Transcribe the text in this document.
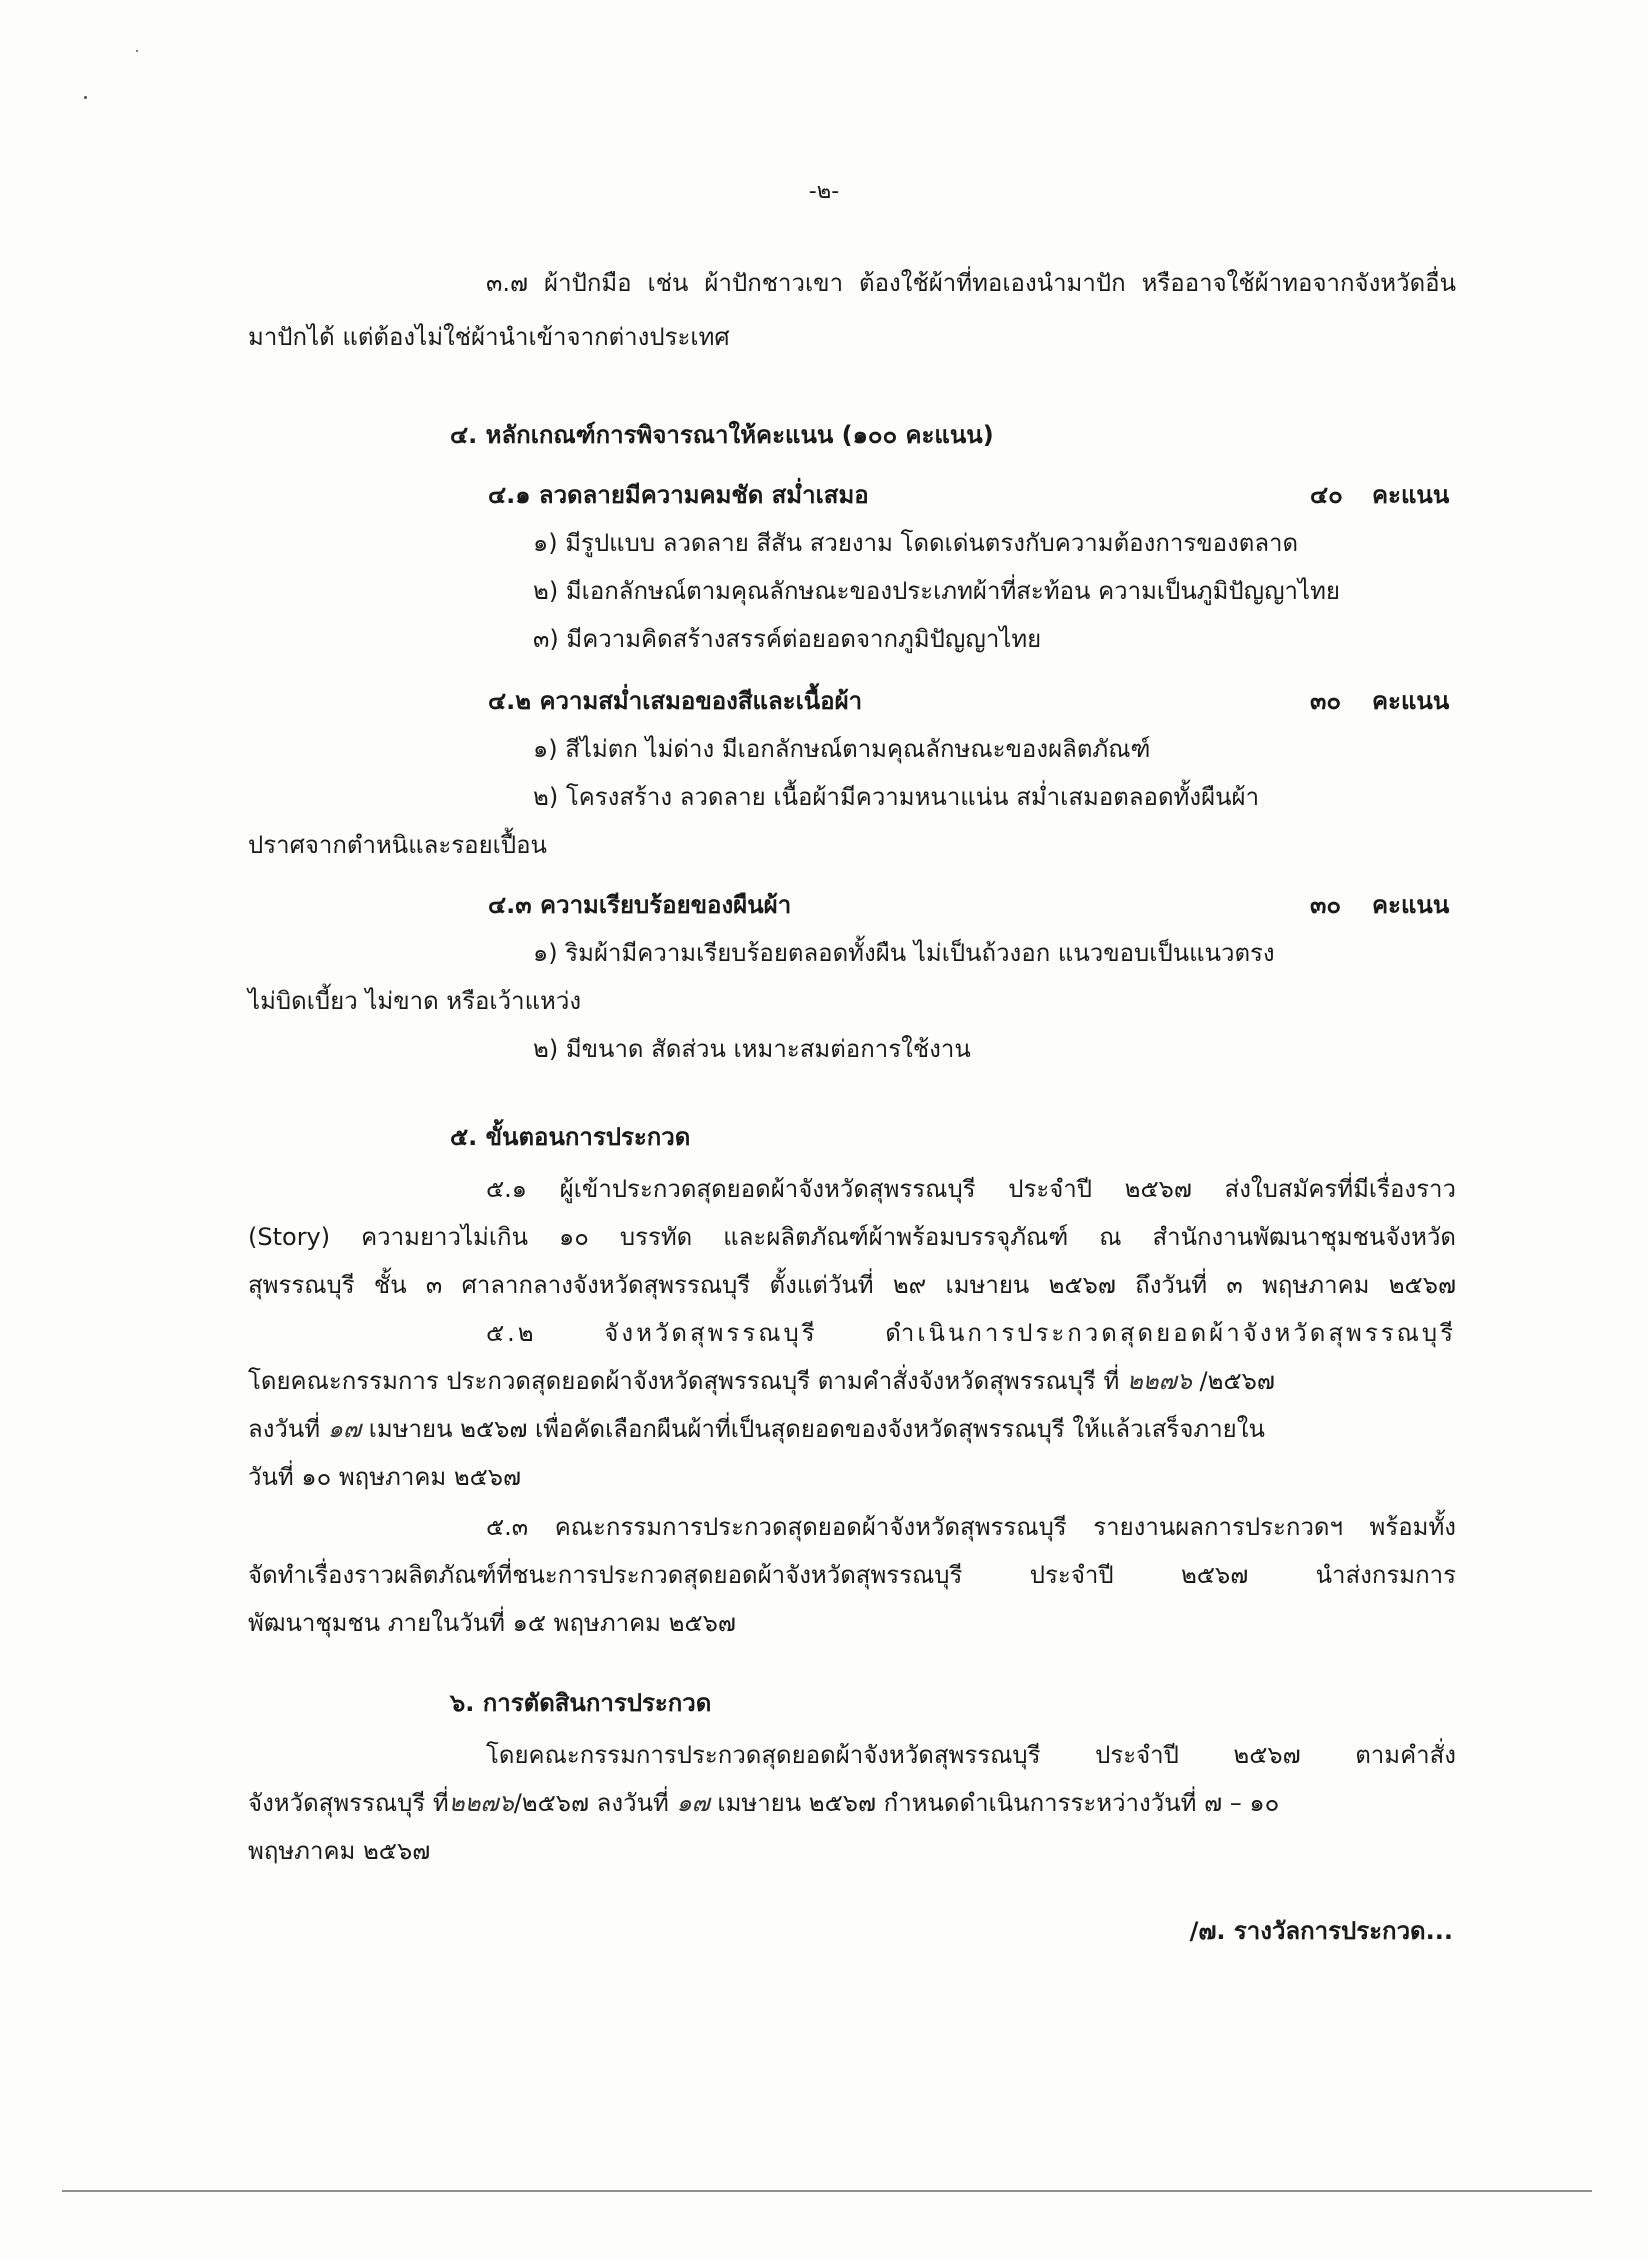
-๒-
๓.๗ ผ้าปักมือ เช่น ผ้าปักชาวเขา ต้องใช้ผ้าที่ทอเองนำมาปัก หรืออาจใช้ผ้าทอจากจังหวัดอื่น
มาปักได้ แต่ต้องไม่ใช่ผ้านำเข้าจากต่างประเทศ
๔. หลักเกณฑ์การพิจารณาให้คะแนน (๑๐๐ คะแนน)
๔.๑ ลวดลายมีความคมชัด สม่ำเสมอ	๔๐ คะแนน
๑) มีรูปแบบ ลวดลาย สีสัน สวยงาม โดดเด่นตรงกับความต้องการของตลาด
๒) มีเอกลักษณ์ตามคุณลักษณะของประเภทผ้าที่สะท้อน ความเป็นภูมิปัญญาไทย
๓) มีความคิดสร้างสรรค์ต่อยอดจากภูมิปัญญาไทย
๔.๒ ความสม่ำเสมอของสีและเนื้อผ้า	๓๐ คะแนน
๑) สีไม่ตก ไม่ด่าง มีเอกลักษณ์ตามคุณลักษณะของผลิตภัณฑ์
๒) โครงสร้าง ลวดลาย เนื้อผ้ามีความหนาแน่น สม่ำเสมอตลอดทั้งผืนผ้า
ปราศจากตำหนิและรอยเปื้อน
๔.๓ ความเรียบร้อยของผืนผ้า	๓๐ คะแนน
๑) ริมผ้ามีความเรียบร้อยตลอดทั้งผืน ไม่เป็นถ้วงอก แนวขอบเป็นแนวตรง
ไม่บิดเบี้ยว ไม่ขาด หรือเว้าแหว่ง
๒) มีขนาด สัดส่วน เหมาะสมต่อการใช้งาน
๕. ขั้นตอนการประกวด
๕.๑ ผู้เข้าประกวดสุดยอดผ้าจังหวัดสุพรรณบุรี ประจำปี ๒๕๖๗ ส่งใบสมัครที่มีเรื่องราว
(Story) ความยาวไม่เกิน ๑๐ บรรทัด และผลิตภัณฑ์ผ้าพร้อมบรรจุภัณฑ์ ณ สำนักงานพัฒนาชุมชนจังหวัด
สุพรรณบุรี ชั้น ๓ ศาลากลางจังหวัดสุพรรณบุรี ตั้งแต่วันที่ ๒๙ เมษายน ๒๕๖๗ ถึงวันที่ ๓ พฤษภาคม ๒๕๖๗
๕.๒ จังหวัดสุพรรณบุรี ดำเนินการประกวดสุดยอดผ้าจังหวัดสุพรรณบุรี
โดยคณะกรรมการ ประกวดสุดยอดผ้าจังหวัดสุพรรณบุรี ตามคำสั่งจังหวัดสุพรรณบุรี ที่ ๒๒๗๖ /๒๕๖๗
ลงวันที่ ๑๗ เมษายน ๒๕๖๗ เพื่อคัดเลือกผืนผ้าที่เป็นสุดยอดของจังหวัดสุพรรณบุรี ให้แล้วเสร็จภายใน
วันที่ ๑๐ พฤษภาคม ๒๕๖๗
๕.๓ คณะกรรมการประกวดสุดยอดผ้าจังหวัดสุพรรณบุรี รายงานผลการประกวดฯ พร้อมทั้ง
จัดทำเรื่องราวผลิตภัณฑ์ที่ชนะการประกวดสุดยอดผ้าจังหวัดสุพรรณบุรี ประจำปี ๒๕๖๗ นำส่งกรมการ
พัฒนาชุมชน ภายในวันที่ ๑๕ พฤษภาคม ๒๕๖๗
๖. การตัดสินการประกวด
โดยคณะกรรมการประกวดสุดยอดผ้าจังหวัดสุพรรณบุรี ประจำปี ๒๕๖๗ ตามคำสั่ง
จังหวัดสุพรรณบุรี ที่๒๒๗๖/๒๕๖๗ ลงวันที่ ๑๗ เมษายน ๒๕๖๗ กำหนดดำเนินการระหว่างวันที่ ๗ – ๑๐
พฤษภาคม ๒๕๖๗
/๗. รางวัลการประกวด...
